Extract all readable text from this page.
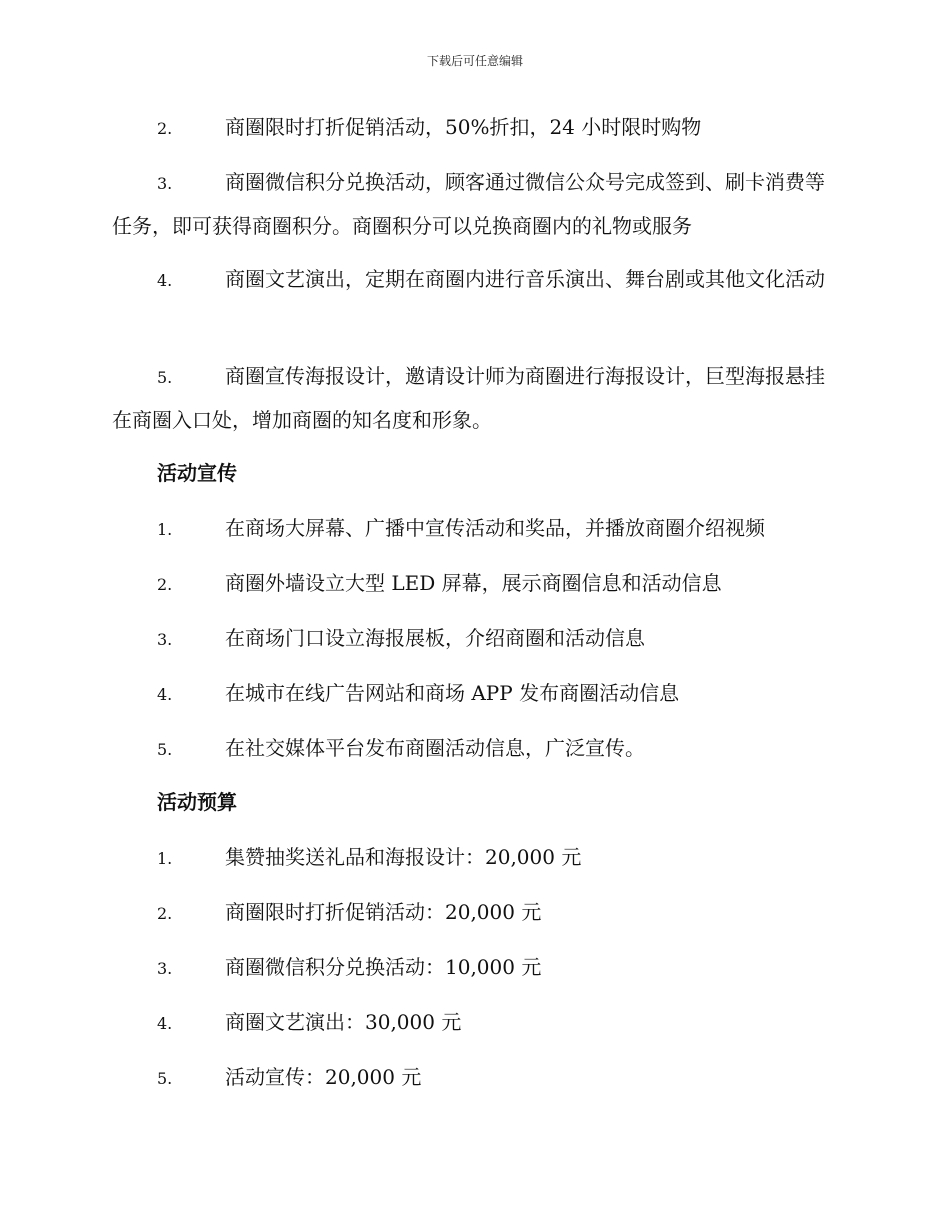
下载后可任意编辑
2.	商圈限时打折促销活动，50%折扣，24 小时限时购物
3.	商圈微信积分兑换活动，顾客通过微信公众号完成签到、刷卡消费等任务，即可获得商圈积分。商圈积分可以兑换商圈内的礼物或服务
4.	商圈文艺演出，定期在商圈内进行音乐演出、舞台剧或其他文化活动
5.	商圈宣传海报设计，邀请设计师为商圈进行海报设计，巨型海报悬挂在商圈入口处，增加商圈的知名度和形象。
活动宣传
1.	在商场大屏幕、广播中宣传活动和奖品，并播放商圈介绍视频
2.	商圈外墙设立大型 LED 屏幕，展示商圈信息和活动信息
3.	在商场门口设立海报展板，介绍商圈和活动信息
4.	在城市在线广告网站和商场 APP 发布商圈活动信息
5.	在社交媒体平台发布商圈活动信息，广泛宣传。
活动预算
1.	集赞抽奖送礼品和海报设计：20,000 元
2.	商圈限时打折促销活动：20,000 元
3.	商圈微信积分兑换活动：10,000 元
4.	商圈文艺演出：30,000 元
5.	活动宣传：20,000 元
